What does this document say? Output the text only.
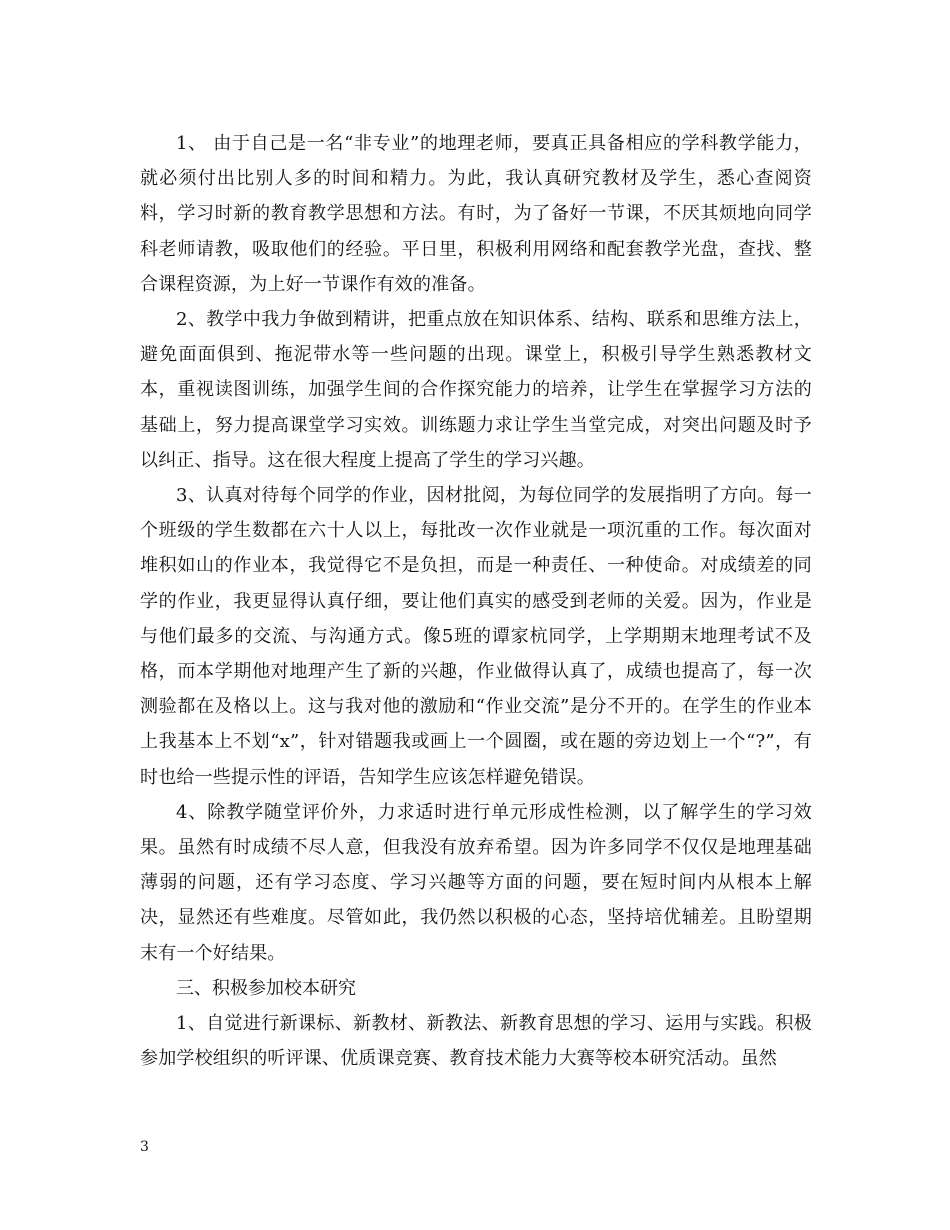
1、 由于自己是一名“非专业”的地理老师，要真正具备相应的学科教学能力，就必须付出比别人多的时间和精力。为此，我认真研究教材及学生，悉心查阅资料，学习时新的教育教学思想和方法。有时，为了备好一节课，不厌其烦地向同学科老师请教，吸取他们的经验。平日里，积极利用网络和配套教学光盘，查找、整合课程资源，为上好一节课作有效的准备。

2、教学中我力争做到精讲，把重点放在知识体系、结构、联系和思维方法上，避免面面俱到、拖泥带水等一些问题的出现。课堂上，积极引导学生熟悉教材文本，重视读图训练，加强学生间的合作探究能力的培养，让学生在掌握学习方法的基础上，努力提高课堂学习实效。训练题力求让学生当堂完成，对突出问题及时予以纠正、指导。这在很大程度上提高了学生的学习兴趣。

3、认真对待每个同学的作业，因材批阅，为每位同学的发展指明了方向。每一个班级的学生数都在六十人以上，每批改一次作业就是一项沉重的工作。每次面对堆积如山的作业本，我觉得它不是负担，而是一种责任、一种使命。对成绩差的同学的作业，我更显得认真仔细，要让他们真实的感受到老师的关爱。因为，作业是与他们最多的交流、与沟通方式。像5班的谭家杭同学，上学期期末地理考试不及格，而本学期他对地理产生了新的兴趣，作业做得认真了，成绩也提高了，每一次测验都在及格以上。这与我对他的激励和“作业交流”是分不开的。在学生的作业本上我基本上不划“x”，针对错题我或画上一个圆圈，或在题的旁边划上一个“?”，有时也给一些提示性的评语，告知学生应该怎样避免错误。

4、除教学随堂评价外，力求适时进行单元形成性检测，以了解学生的学习效果。虽然有时成绩不尽人意，但我没有放弃希望。因为许多同学不仅仅是地理基础薄弱的问题，还有学习态度、学习兴趣等方面的问题，要在短时间内从根本上解决，显然还有些难度。尽管如此，我仍然以积极的心态，坚持培优辅差。且盼望期末有一个好结果。

三、积极参加校本研究

1、自觉进行新课标、新教材、新教法、新教育思想的学习、运用与实践。积极参加学校组织的听评课、优质课竞赛、教育技术能力大赛等校本研究活动。虽然

3
